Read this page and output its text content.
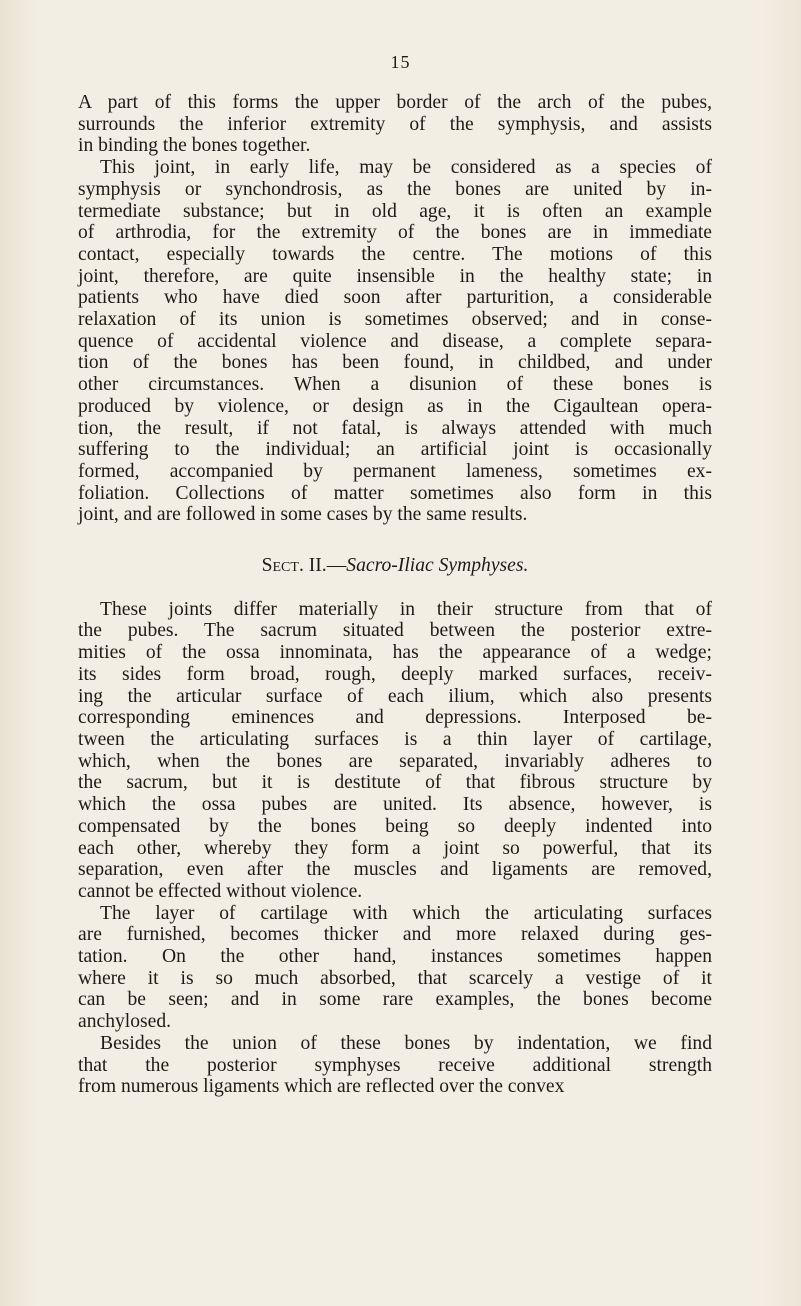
15

A part of this forms the upper border of the arch of the pubes,
surrounds the inferior extremity of the symphysis, and assists
in binding the bones together.

This joint, in early life, may be considered as a species of
symphysis or synchondrosis, as the bones are united by in-
termediate substance; but in old age, it is often an example
of arthrodia, for the extremity of the bones are in immediate
contact, especially towards the centre. The motions of this
joint, therefore, are quite insensible in the healthy state; in
patients who have died soon after parturition, a considerable
relaxation of its union is sometimes observed; and in conse-
quence of accidental violence and disease, a complete separa-
tion of the bones has been found, in childbed, and under
other circumstances. When a disunion of these bones is
produced by violence, or design as in the Cigaultean opera-
tion, the result, if not fatal, is always attended with much
suffering to the individual; an artificial joint is occasionally
formed, accompanied by permanent lameness, sometimes ex-
foliation. Collections of matter sometimes also form in this
joint, and are followed in some cases by the same results.

Sect. II.—Sacro-Iliac Symphyses.

These joints differ materially in their structure from that of
the pubes. The sacrum situated between the posterior extre-
mities of the ossa innominata, has the appearance of a wedge;
its sides form broad, rough, deeply marked surfaces, receiv-
ing the articular surface of each ilium, which also presents
corresponding eminences and depressions. Interposed be-
tween the articulating surfaces is a thin layer of cartilage,
which, when the bones are separated, invariably adheres to
the sacrum, but it is destitute of that fibrous structure by
which the ossa pubes are united. Its absence, however, is
compensated by the bones being so deeply indented into
each other, whereby they form a joint so powerful, that its
separation, even after the muscles and ligaments are removed,
cannot be effected without violence.

The layer of cartilage with which the articulating surfaces
are furnished, becomes thicker and more relaxed during ges-
tation. On the other hand, instances sometimes happen
where it is so much absorbed, that scarcely a vestige of it
can be seen; and in some rare examples, the bones become
anchylosed.

Besides the union of these bones by indentation, we find
that the posterior symphyses receive additional strength
from numerous ligaments which are reflected over the convex
